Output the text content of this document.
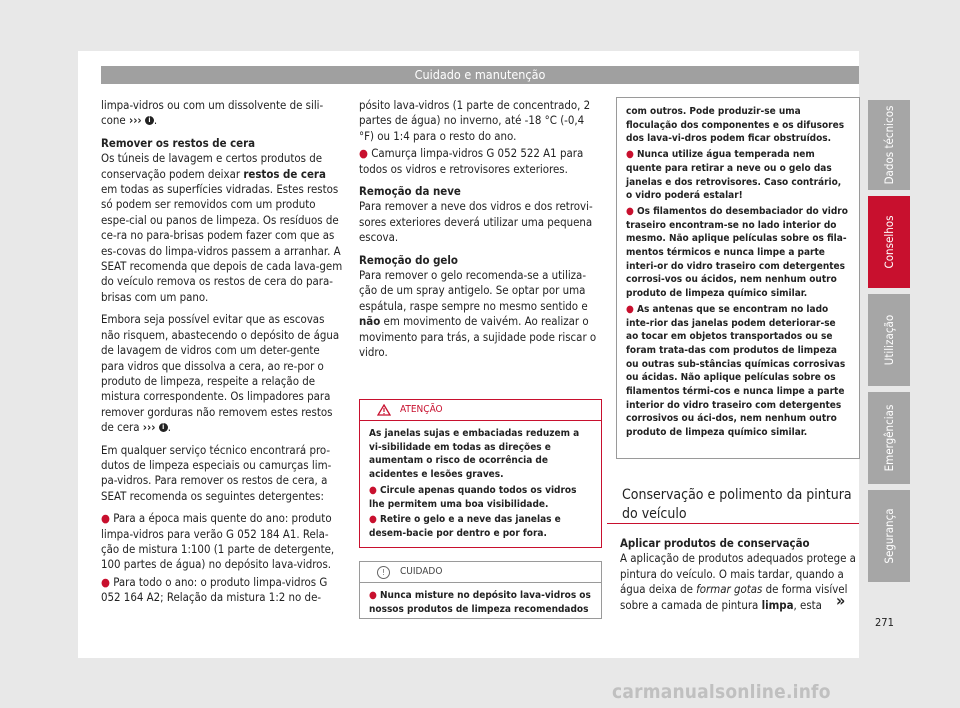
Cuidado e manutenção

limpa-vidros ou com um dissolvente de sili-
cone ››› i .

Remover os restos de cera

Os túneis de lavagem e certos produtos de conservação podem deixar restos de cera em todas as superfícies vidradas. Estes restos só podem ser removidos com um produto espe-cial ou panos de limpeza. Os resíduos de ce-ra no para-brisas podem fazer com que as es-covas do limpa-vidros passem a arranhar. A SEAT recomenda que depois de cada lava-gem do veículo remova os restos de cera do para-brisas com um pano.

Embora seja possível evitar que as escovas não risquem, abastecendo o depósito de água de lavagem de vidros com um deter-gente para vidros que dissolva a cera, ao re-por o produto de limpeza, respeite a relação de mistura correspondente. Os limpadores para remover gorduras não removem estes restos de cera ››› i .

Em qualquer serviço técnico encontrará pro-dutos de limpeza especiais ou camurças lim-pa-vidros. Para remover os restos de cera, a SEAT recomenda os seguintes detergentes:

● Para a época mais quente do ano: produto limpa-vidros para verão G 052 184 A1. Rela-ção de mistura 1:100 (1 parte de detergente, 100 partes de água) no depósito lava-vidros.

● Para todo o ano: o produto limpa-vidros G 052 164 A2; Relação da mistura 1:2 no de-

pósito lava-vidros (1 parte de concentrado, 2 partes de água) no inverno, até -18 °C (-0,4 °F) ou 1:4 para o resto do ano.

● Camurça limpa-vidros G 052 522 A1 para todos os vidros e retrovisores exteriores.

Remoção da neve

Para remover a neve dos vidros e dos retrovi-sores exteriores deverá utilizar uma pequena escova.

Remoção do gelo

Para remover o gelo recomenda-se a utiliza-ção de um spray antigelo. Se optar por uma espátula, raspe sempre no mesmo sentido e não em movimento de vaivém. Ao realizar o movimento para trás, a sujidade pode riscar o vidro.

ATENÇÃO

As janelas sujas e embaciadas reduzem a vi-sibilidade em todas as direções e aumentam o risco de ocorrência de acidentes e lesões graves.

● Circule apenas quando todos os vidros lhe permitem uma boa visibilidade.

● Retire o gelo e a neve das janelas e desem-bacie por dentro e por fora.

!	CUIDADO

● Nunca misture no depósito lava-vidros os nossos produtos de limpeza recomendados

com outros. Pode produzir-se uma floculação dos componentes e os difusores dos lava-vi-dros podem ficar obstruídos.

● Nunca utilize água temperada nem quente para retirar a neve ou o gelo das janelas e dos retrovisores. Caso contrário, o vidro poderá estalar!

● Os filamentos do desembaciador do vidro traseiro encontram-se no lado interior do mesmo. Não aplique películas sobre os fila-mentos térmicos e nunca limpe a parte interi-or do vidro traseiro com detergentes corrosi-vos ou ácidos, nem nenhum outro produto de limpeza químico similar.

● As antenas que se encontram no lado inte-rior das janelas podem deteriorar-se ao tocar em objetos transportados ou se foram trata-das com produtos de limpeza ou outras sub-stâncias químicas corrosivas ou ácidas. Não aplique películas sobre os filamentos térmi-cos e nunca limpe a parte interior do vidro traseiro com detergentes corrosivos ou áci-dos, nem nenhum outro produto de limpeza químico similar.

Conservação e polimento da pintura do veículo

Aplicar produtos de conservação

A aplicação de produtos adequados protege a pintura do veículo. O mais tardar, quando a água deixa de formar gotas de forma visível sobre a camada de pintura limpa, esta »
Dados técnicos
Conselhos
Utilização
Emergências
Segurança
271
carmanualsonline.info
